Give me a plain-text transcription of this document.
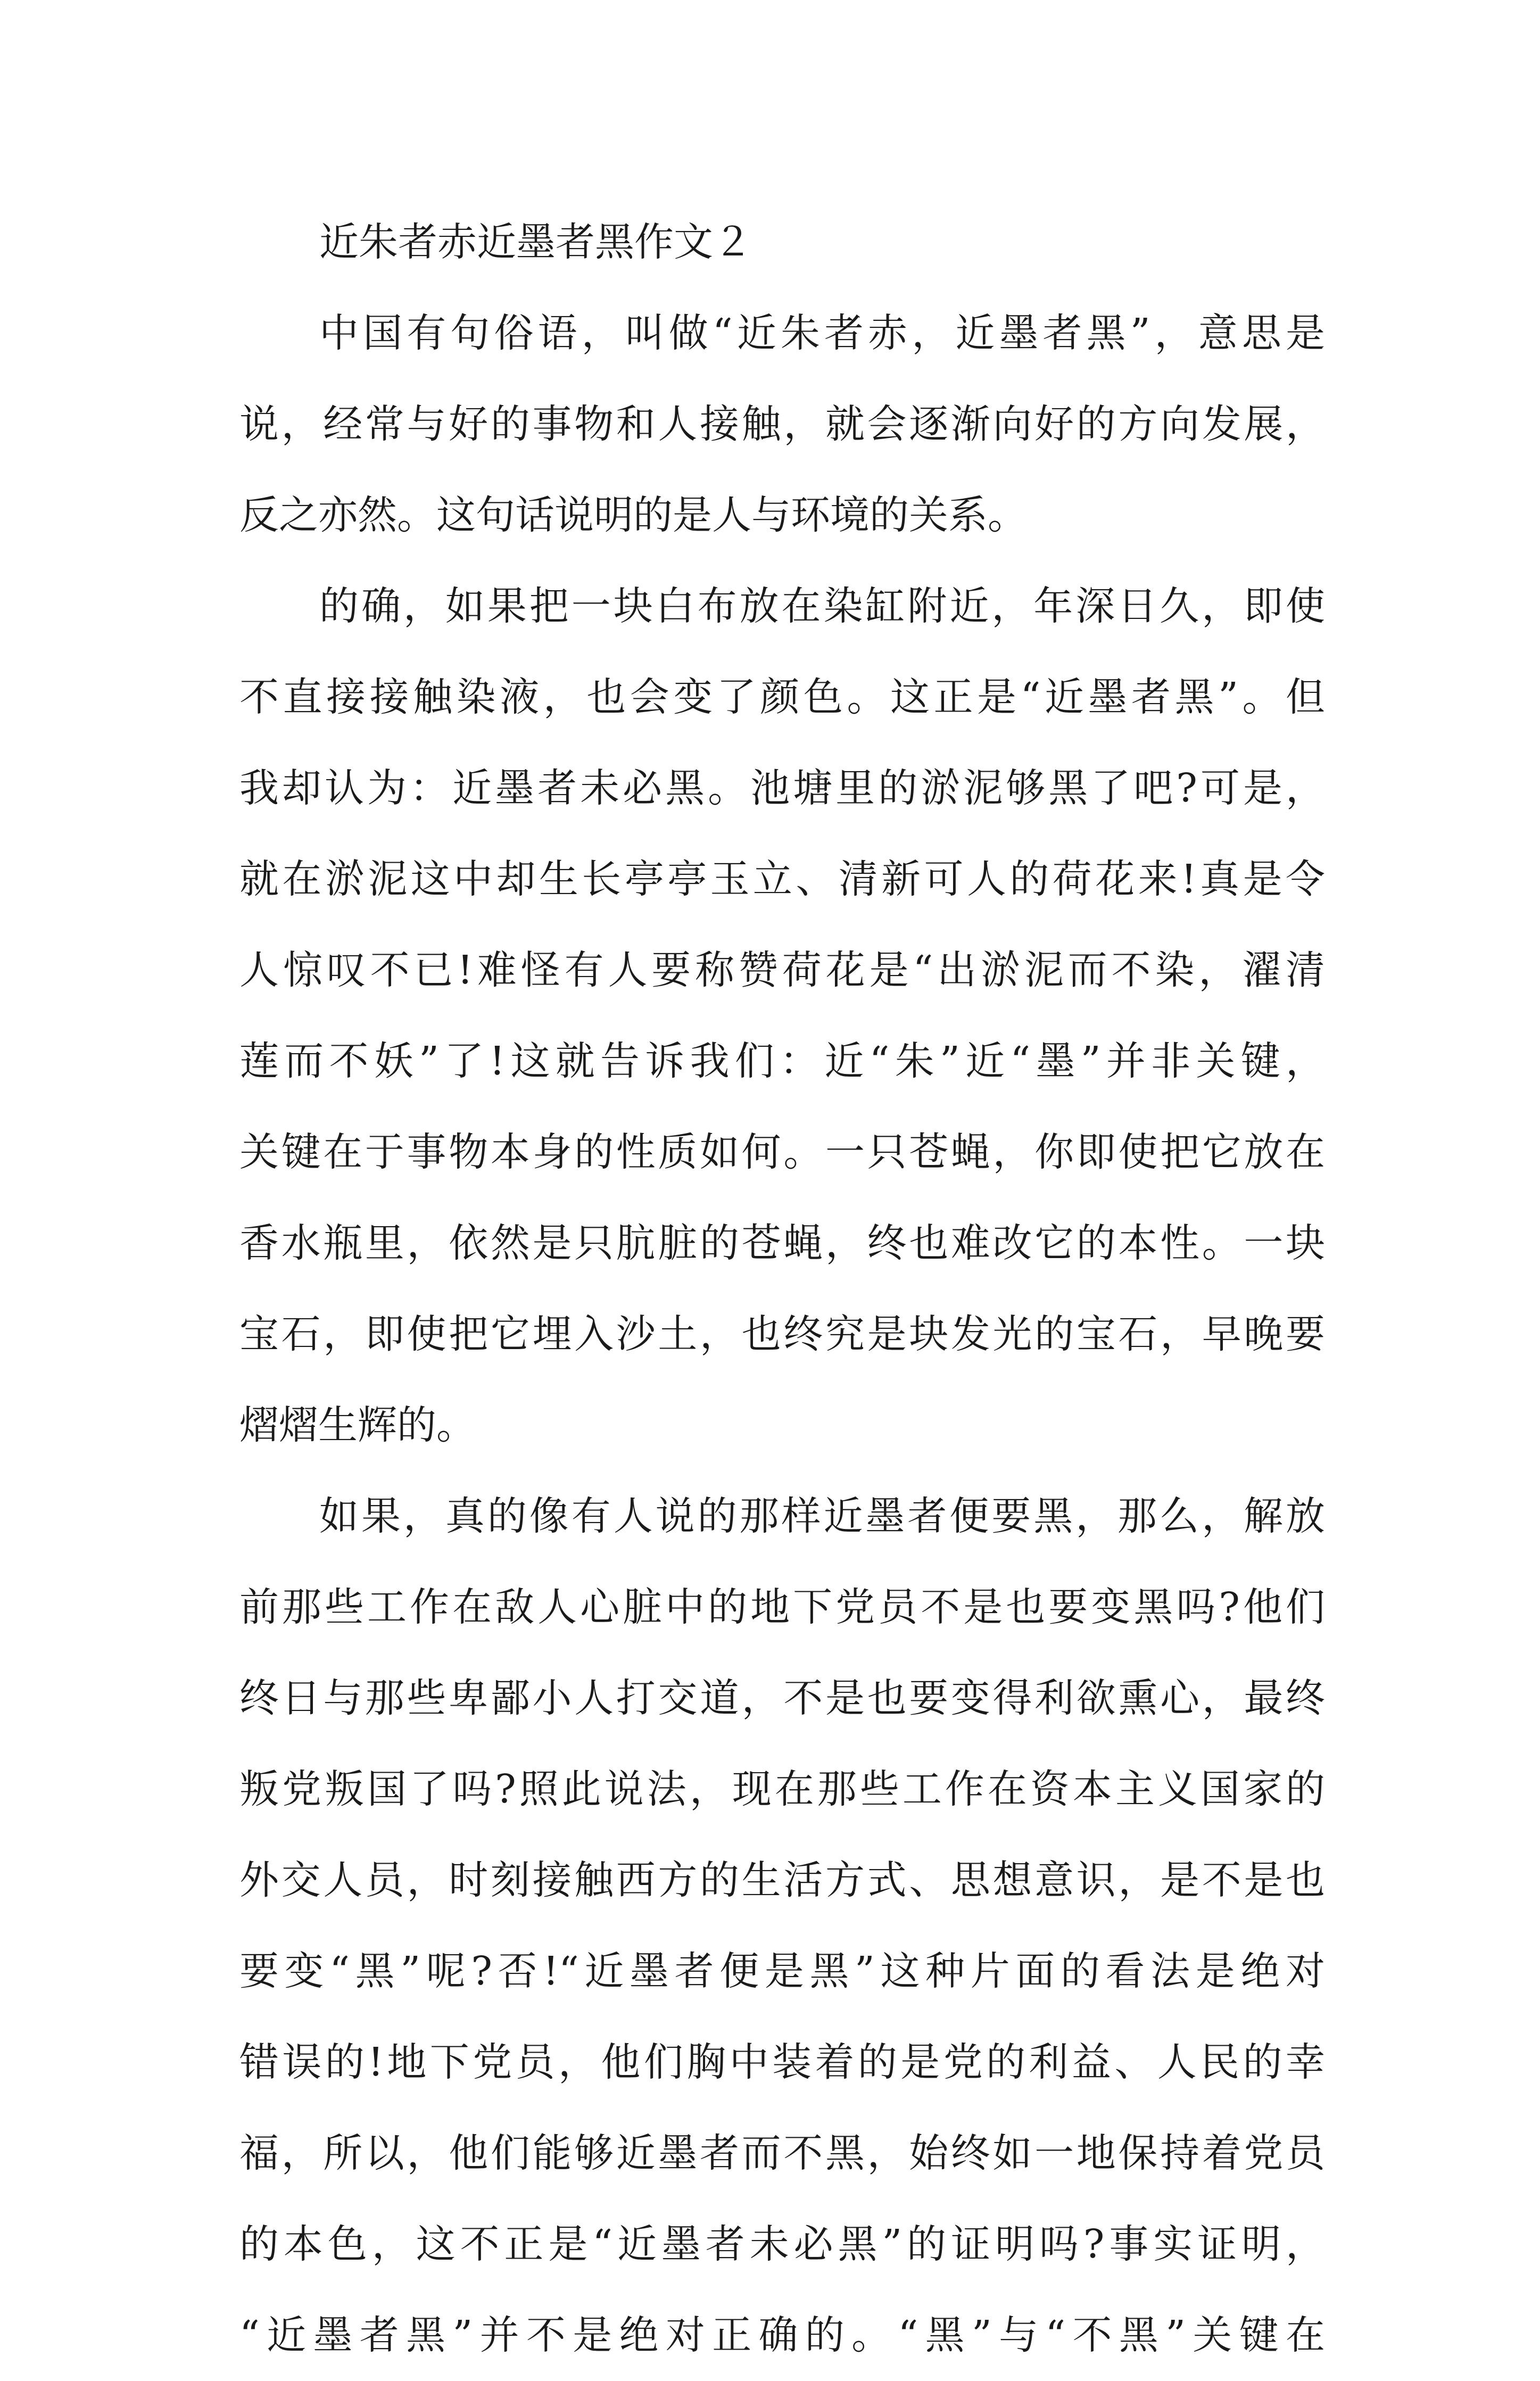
近朱者赤近墨者黑作文２
中国有句俗语，叫做“近朱者赤，近墨者黑”，意思是
说，经常与好的事物和人接触，就会逐渐向好的方向发展，
反之亦然。这句话说明的是人与环境的关系。
的确，如果把一块白布放在染缸附近，年深日久，即使
不直接接触染液，也会变了颜色。这正是“近墨者黑”。但
我却认为：近墨者未必黑。池塘里的淤泥够黑了吧?可是，
就在淤泥这中却生长亭亭玉立、清新可人的荷花来!真是令
人惊叹不已!难怪有人要称赞荷花是“出淤泥而不染，濯清
莲而不妖”了!这就告诉我们：近“朱”近“墨”并非关键，
关键在于事物本身的性质如何。一只苍蝇，你即使把它放在
香水瓶里，依然是只肮脏的苍蝇，终也难改它的本性。一块
宝石，即使把它埋入沙土，也终究是块发光的宝石，早晚要
熠熠生辉的。
如果，真的像有人说的那样近墨者便要黑，那么，解放
前那些工作在敌人心脏中的地下党员不是也要变黑吗?他们
终日与那些卑鄙小人打交道，不是也要变得利欲熏心，最终
叛党叛国了吗?照此说法，现在那些工作在资本主义国家的
外交人员，时刻接触西方的生活方式、思想意识，是不是也
要变“黑”呢?否!“近墨者便是黑”这种片面的看法是绝对
错误的!地下党员，他们胸中装着的是党的利益、人民的幸
福，所以，他们能够近墨者而不黑，始终如一地保持着党员
的本色，这不正是“近墨者未必黑”的证明吗?事实证明，
“近墨者黑”并不是绝对正确的。“黑”与“不黑”关键在
